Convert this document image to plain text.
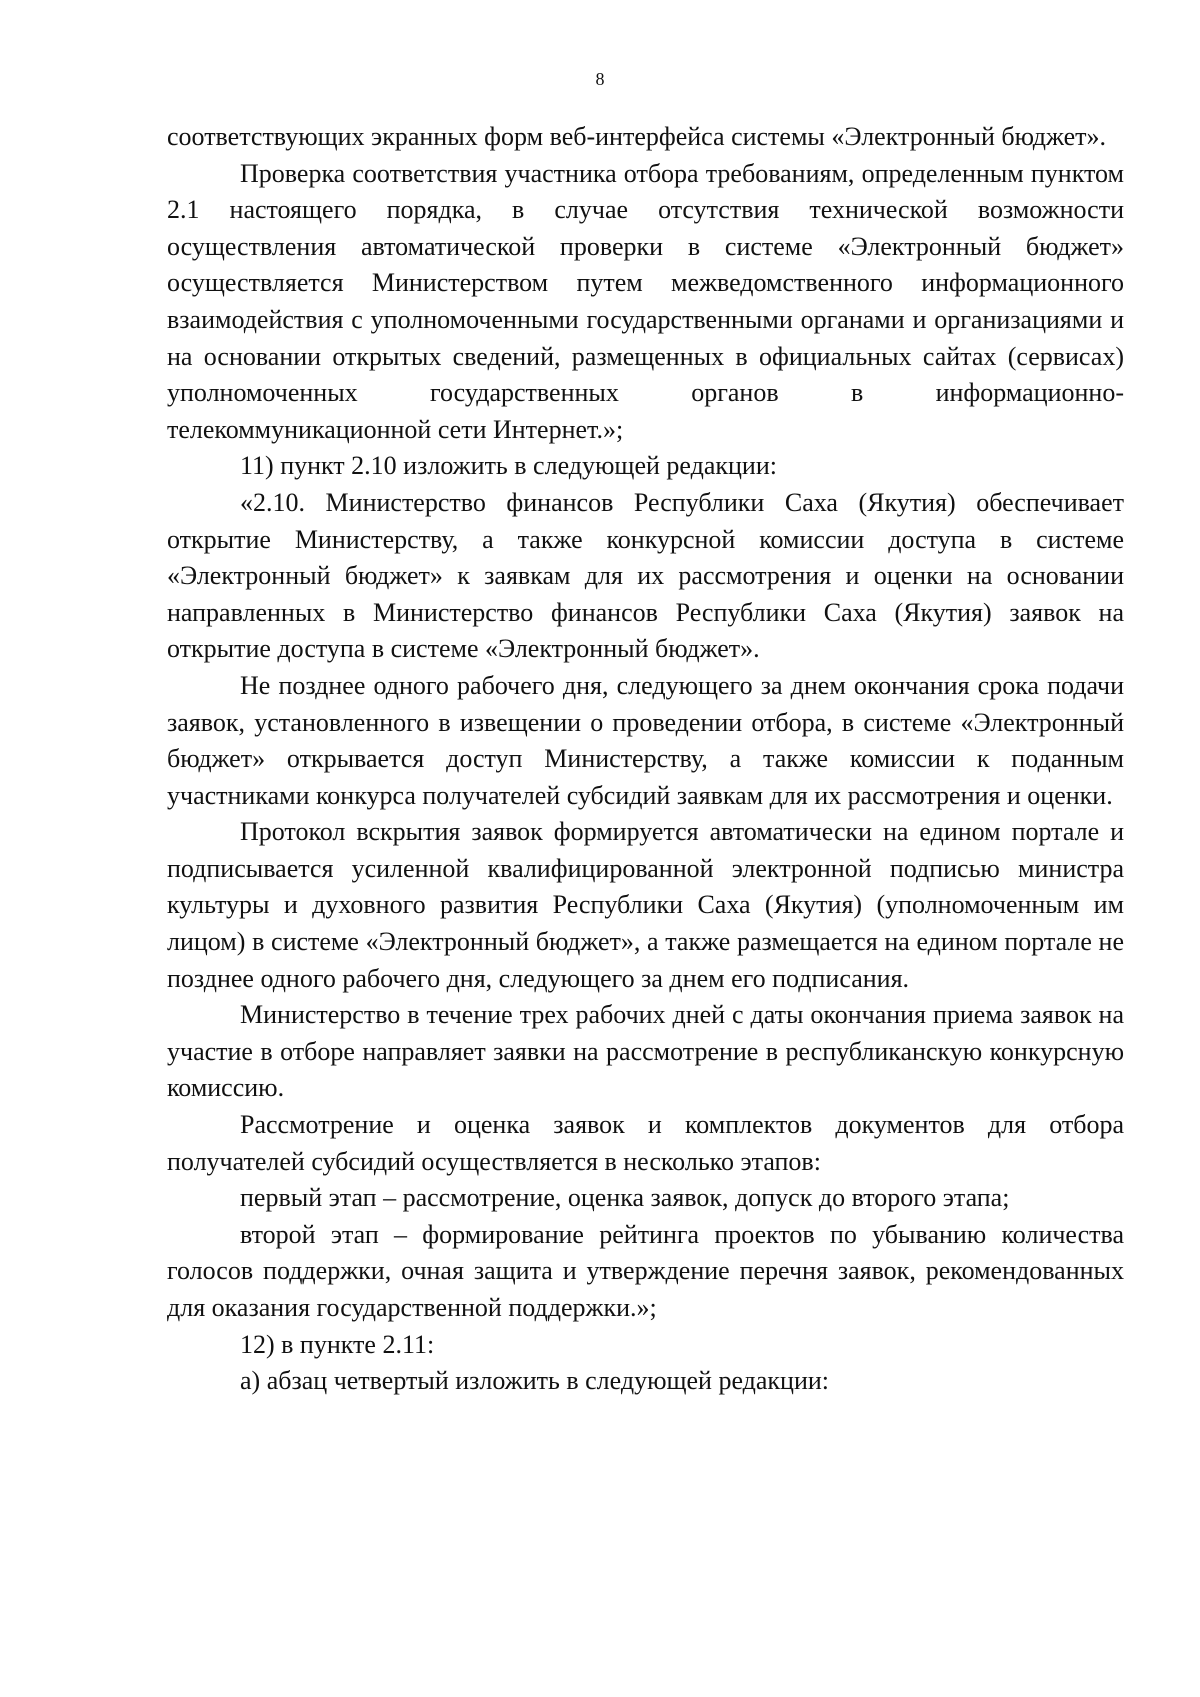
8

соответствующих экранных форм веб-интерфейса системы «Электронный бюджет».

Проверка соответствия участника отбора требованиям, определенным пунктом 2.1 настоящего порядка, в случае отсутствия технической возможности осуществления автоматической проверки в системе «Электронный бюджет» осуществляется Министерством путем межведомственного информационного взаимодействия с уполномоченными государственными органами и организациями и на основании открытых сведений, размещенных в официальных сайтах (сервисах) уполномоченных государственных органов в информационно-телекоммуникационной сети Интернет.»;

11) пункт 2.10 изложить в следующей редакции:

«2.10. Министерство финансов Республики Саха (Якутия) обеспечивает открытие Министерству, а также конкурсной комиссии доступа в системе «Электронный бюджет» к заявкам для их рассмотрения и оценки на основании направленных в Министерство финансов Республики Саха (Якутия) заявок на открытие доступа в системе «Электронный бюджет».

Не позднее одного рабочего дня, следующего за днем окончания срока подачи заявок, установленного в извещении о проведении отбора, в системе «Электронный бюджет» открывается доступ Министерству, а также комиссии к поданным участниками конкурса получателей субсидий заявкам для их рассмотрения и оценки.

Протокол вскрытия заявок формируется автоматически на едином портале и подписывается усиленной квалифицированной электронной подписью министра культуры и духовного развития Республики Саха (Якутия) (уполномоченным им лицом) в системе «Электронный бюджет», а также размещается на едином портале не позднее одного рабочего дня, следующего за днем его подписания.

Министерство в течение трех рабочих дней с даты окончания приема заявок на участие в отборе направляет заявки на рассмотрение в республиканскую конкурсную комиссию.

Рассмотрение и оценка заявок и комплектов документов для отбора получателей субсидий осуществляется в несколько этапов:

первый этап – рассмотрение, оценка заявок, допуск до второго этапа;

второй этап – формирование рейтинга проектов по убыванию количества голосов поддержки, очная защита и утверждение перечня заявок, рекомендованных для оказания государственной поддержки.»;

12) в пункте 2.11:

а) абзац четвертый изложить в следующей редакции:
